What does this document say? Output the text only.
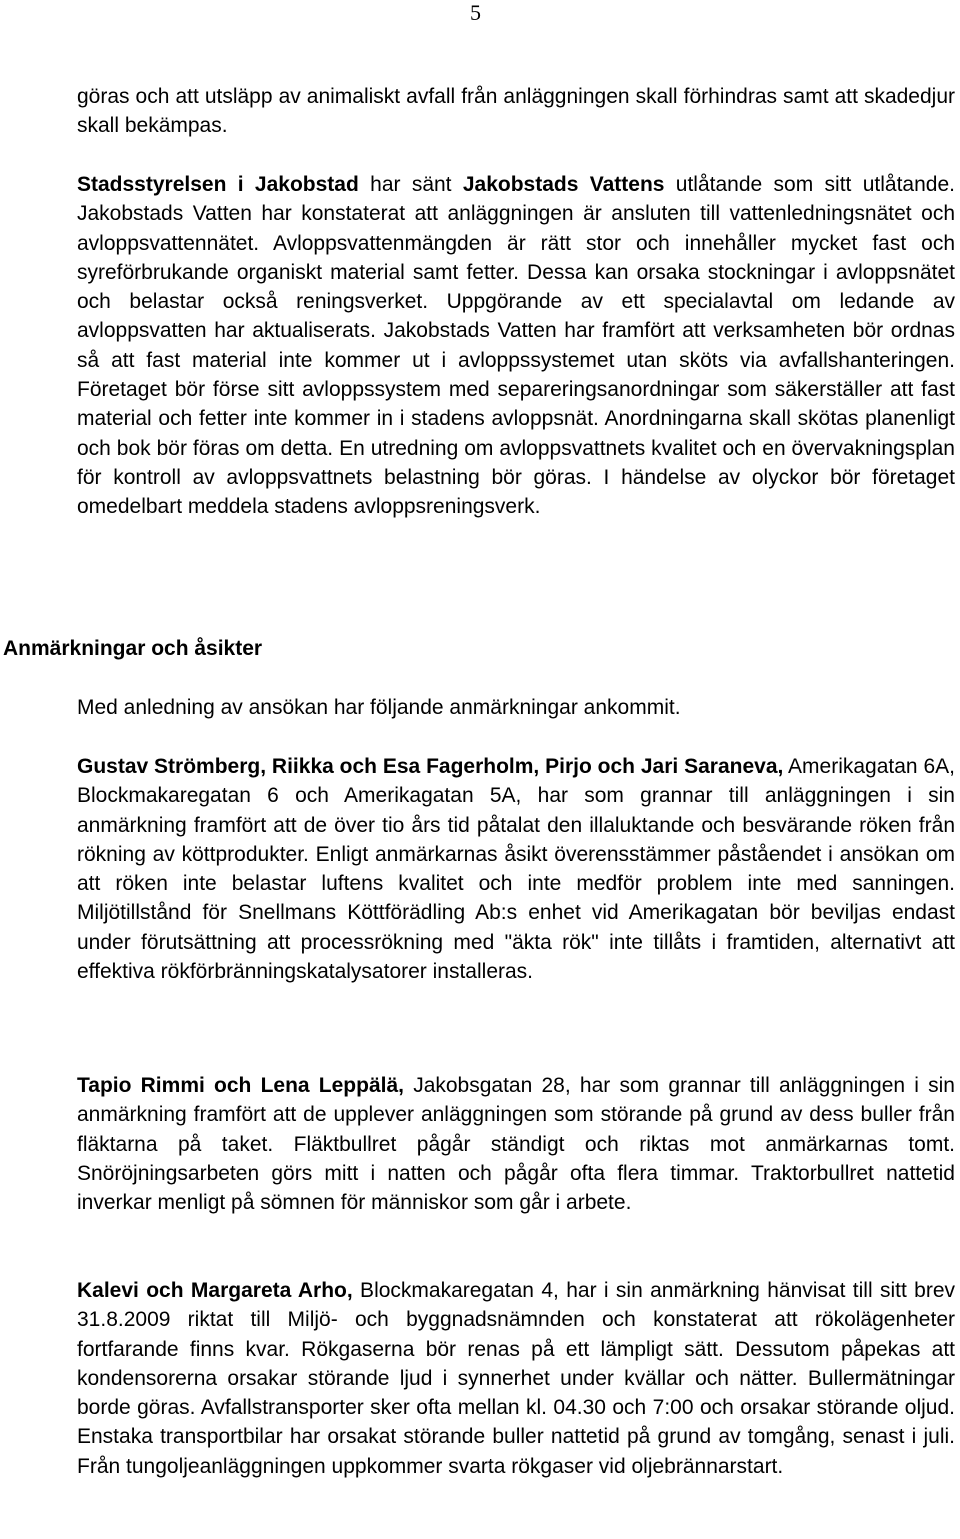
5

göras och att utsläpp av animaliskt avfall från anläggningen skall förhindras samt att skadedjur skall bekämpas.

Stadsstyrelsen i Jakobstad har sänt Jakobstads Vattens utlåtande som sitt utlåtande. Jakobstads Vatten har konstaterat att anläggningen är ansluten till vattenledningsnätet och avloppsvattennätet. Avloppsvattenmängden är rätt stor och innehåller mycket fast och syreförbrukande organiskt material samt fetter. Dessa kan orsaka stockningar i avloppsnätet och belastar också reningsverket. Uppgörande av ett specialavtal om ledande av avloppsvatten har aktualiserats. Jakobstads Vatten har framfört att verksamheten bör ordnas så att fast material inte kommer ut i avloppssystemet utan sköts via avfallshanteringen. Företaget bör förse sitt avloppssystem med separeringsanordningar som säkerställer att fast material och fetter inte kommer in i stadens avloppsnät. Anordningarna skall skötas planenligt och bok bör föras om detta. En utredning om avloppsvattnets kvalitet och en övervakningsplan för kontroll av avloppsvattnets belastning bör göras. I händelse av olyckor bör företaget omedelbart meddela stadens avloppsreningsverk.

Anmärkningar och åsikter

Med anledning av ansökan har följande anmärkningar ankommit.

Gustav Strömberg, Riikka och Esa Fagerholm, Pirjo och Jari Saraneva, Amerikagatan 6A, Blockmakaregatan 6 och Amerikagatan 5A, har som grannar till anläggningen i sin anmärkning framfört att de över tio års tid påtalat den illaluktande och besvärande röken från rökning av köttprodukter. Enligt anmärkarnas åsikt överensstämmer påståendet i ansökan om att röken inte belastar luftens kvalitet och inte medför problem inte med sanningen. Miljötillstånd för Snellmans Köttförädling Ab:s enhet vid Amerikagatan bör beviljas endast under förutsättning att processrökning med "äkta rök" inte tillåts i framtiden, alternativt att effektiva rökförbränningskatalysatorer installeras.

Tapio Rimmi och Lena Leppälä, Jakobsgatan 28, har som grannar till anläggningen i sin anmärkning framfört att de upplever anläggningen som störande på grund av dess buller från fläktarna på taket. Fläktbullret pågår ständigt och riktas mot anmärkarnas tomt. Snöröjningsarbeten görs mitt i natten och pågår ofta flera timmar. Traktorbullret nattetid inverkar menligt på sömnen för människor som går i arbete.

Kalevi och Margareta Arho, Blockmakaregatan 4, har i sin anmärkning hänvisat till sitt brev 31.8.2009 riktat till Miljö- och byggnadsnämnden och konstaterat att rökolägenheter fortfarande finns kvar. Rökgaserna bör renas på ett lämpligt sätt. Dessutom påpekas att kondensorerna orsakar störande ljud i synnerhet under kvällar och nätter. Bullermätningar borde göras. Avfallstransporter sker ofta mellan kl. 04.30 och 7:00 och orsakar störande oljud. Enstaka transportbilar har orsakat störande buller nattetid på grund av tomgång, senast i juli. Från tungoljeanläggningen uppkommer svarta rökgaser vid oljebrännarstart.
